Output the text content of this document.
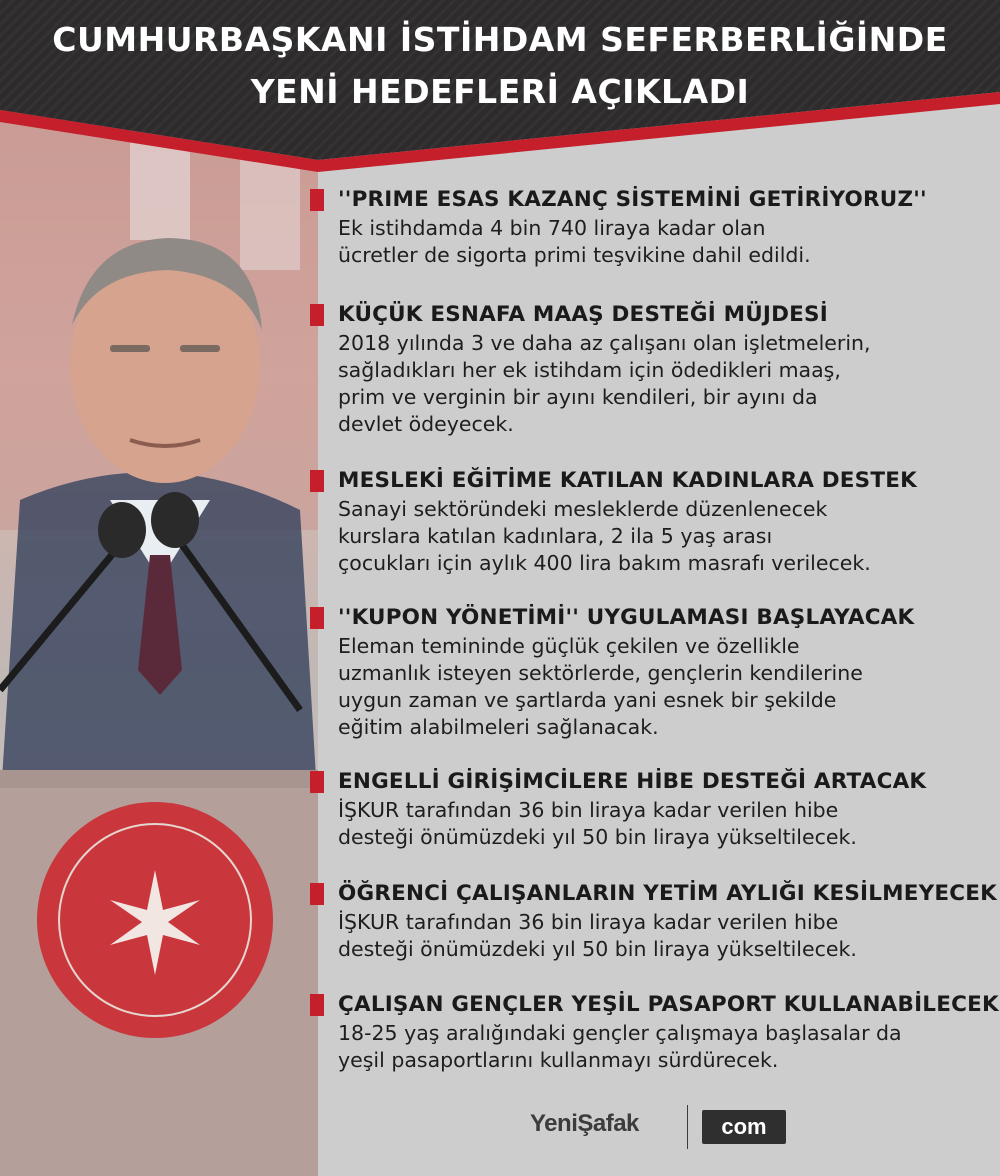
CUMHURBAŞKANI İSTİHDAM SEFERBERLİĞİNDE
YENİ HEDEFLERİ AÇIKLADI
''PRIME ESAS KAZANÇ SİSTEMİNİ GETİRİYORUZ''
Ek istihdamda 4 bin 740 liraya kadar olan
ücretler de sigorta primi teşvikine dahil edildi.
KÜÇÜK ESNAFA MAAŞ DESTEĞİ MÜJDESİ
2018 yılında 3 ve daha az çalışanı olan işletmelerin,
sağladıkları her ek istihdam için ödedikleri maaş,
prim ve verginin bir ayını kendileri, bir ayını da
devlet ödeyecek.
MESLEKİ EĞİTİME KATILAN KADINLARA DESTEK
Sanayi sektöründeki mesleklerde düzenlenecek
kurslara katılan kadınlara, 2 ila 5 yaş arası
çocukları için aylık 400 lira bakım masrafı verilecek.
''KUPON YÖNETİMİ'' UYGULAMASI BAŞLAYACAK
Eleman temininde güçlük çekilen ve özellikle
uzmanlık isteyen sektörlerde, gençlerin kendilerine
uygun zaman ve şartlarda yani esnek bir şekilde
eğitim alabilmeleri sağlanacak.
ENGELLİ GİRİŞİMCİLERE HİBE DESTEĞİ ARTACAK
İŞKUR tarafından 36 bin liraya kadar verilen hibe
desteği önümüzdeki yıl 50 bin liraya yükseltilecek.
ÖĞRENCİ ÇALIŞANLARIN YETİM AYLIĞI KESİLMEYECEK
İŞKUR tarafından 36 bin liraya kadar verilen hibe
desteği önümüzdeki yıl 50 bin liraya yükseltilecek.
ÇALIŞAN GENÇLER YEŞİL PASAPORT KULLANABİLECEK
18-25 yaş aralığındaki gençler çalışmaya başlasalar da
yeşil pasaportlarını kullanmayı sürdürecek.
YeniŞafak	com
